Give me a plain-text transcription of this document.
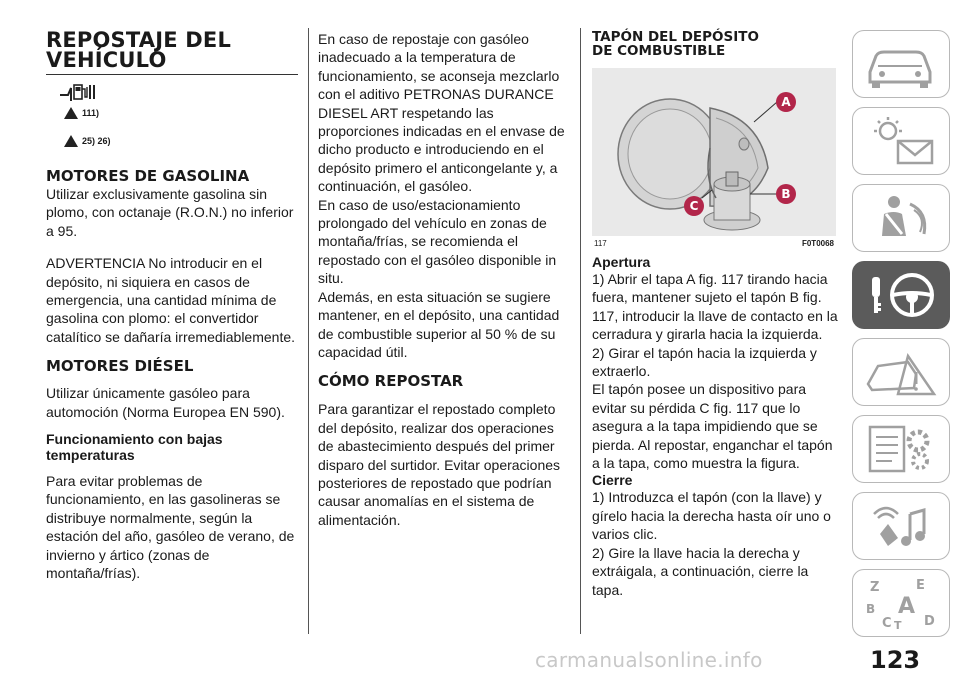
REPOSTAJE DEL
VEHÍCULO
111)
25) 26)
MOTORES DE GASOLINA

Utilizar exclusivamente gasolina sin plomo, con octanaje (R.O.N.) no inferior a 95.

ADVERTENCIA No introducir en el depósito, ni siquiera en casos de emergencia, una cantidad mínima de gasolina con plomo: el convertidor catalítico se dañaría irremediablemente.

MOTORES DIÉSEL

Utilizar únicamente gasóleo para automoción (Norma Europea EN 590).

Funcionamiento con bajas temperaturas

Para evitar problemas de funcionamiento, en las gasolineras se distribuye normalmente, según la estación del año, gasóleo de verano, de invierno y ártico (zonas de montaña/frías).

En caso de repostaje con gasóleo inadecuado a la temperatura de funcionamiento, se aconseja mezclarlo con el aditivo PETRONAS DURANCE DIESEL ART respetando las proporciones indicadas en el envase de dicho producto e introduciendo en el depósito primero el anticongelante y, a continuación, el gasóleo.

En caso de uso/estacionamiento prolongado del vehículo en zonas de montaña/frías, se recomienda el repostado con el gasóleo disponible in situ.

Además, en esta situación se sugiere mantener, en el depósito, una cantidad de combustible superior al 50 % de su capacidad útil.

CÓMO REPOSTAR

Para garantizar el repostado completo del depósito, realizar dos operaciones de abastecimiento después del primer disparo del surtidor. Evitar operaciones posteriores de repostado que podrían causar anomalías en el sistema de alimentación.

TAPÓN DEL DEPÓSITO
DE COMBUSTIBLE
A
B
C
117	F0T0068

Apertura

1) Abrir el tapa A fig. 117 tirando hacia fuera, mantener sujeto el tapón B fig. 117, introducir la llave de contacto en la cerradura y girarla hacia la izquierda.

2) Girar el tapón hacia la izquierda y extraerlo.

El tapón posee un dispositivo para evitar su pérdida C fig. 117 que lo asegura a la tapa impidiendo que se pierda. Al repostar, enganchar el tapón a la tapa, como muestra la figura.

Cierre

1) Introduzca el tapón (con la llave) y gírelo hacia la derecha hasta oír uno o varios clic.

2) Gire la llave hacia la derecha y extráigala, a continuación, cierre la tapa.	Z	E
B A
C T D
carmanualsonline.info	123
